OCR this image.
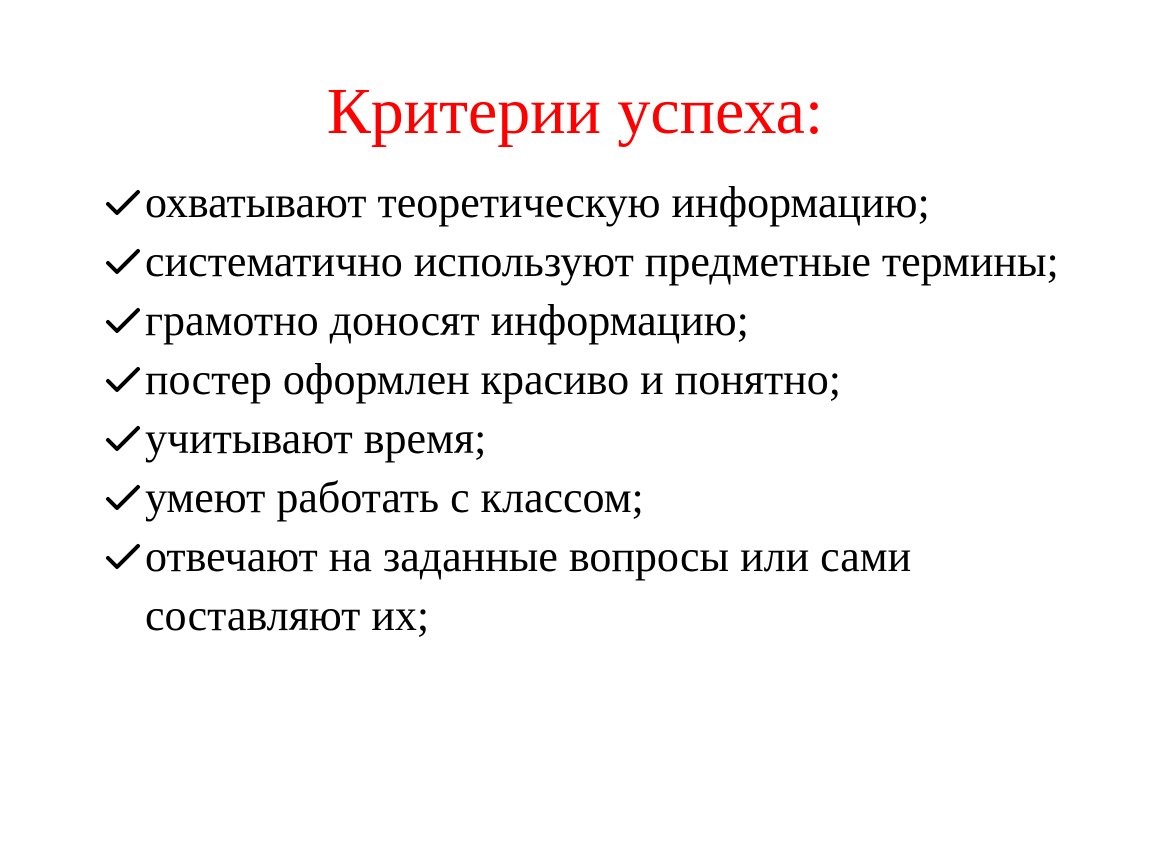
Критерии успеха:
охватывают теоретическую информацию;
систематично используют предметные термины;
грамотно доносят информацию;
постер оформлен красиво и понятно;
учитывают время;
умеют работать с классом;
отвечают на заданные вопросы или сами составляют их;
